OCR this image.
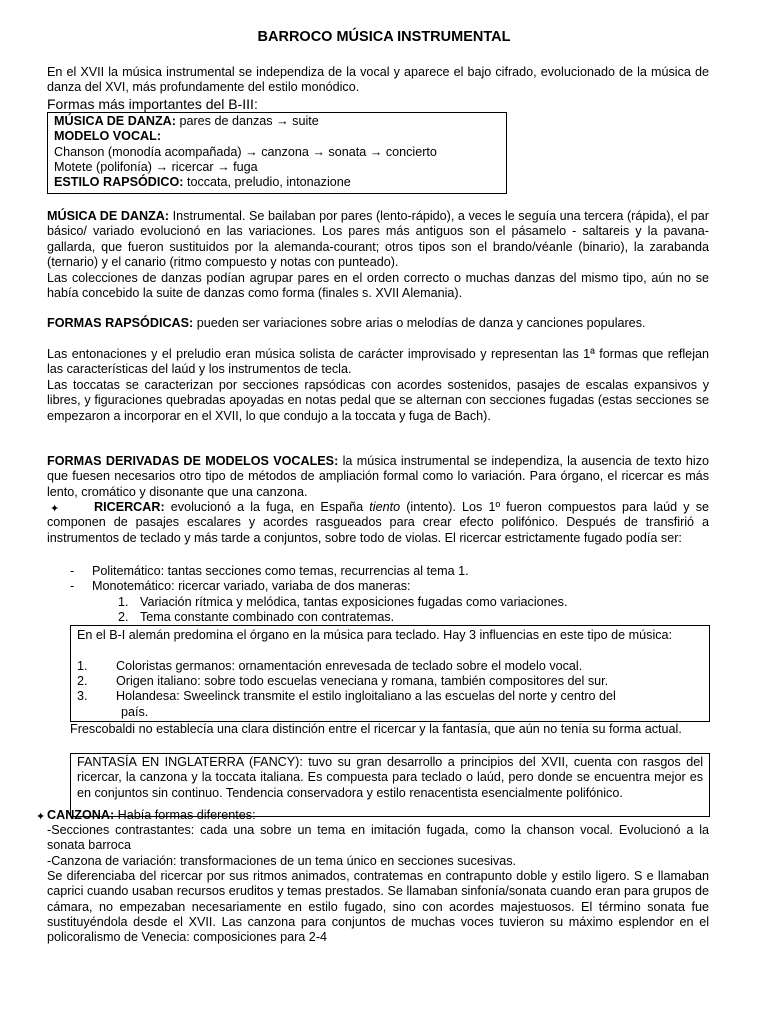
BARROCO MÚSICA INSTRUMENTAL

En el XVII la música instrumental se independiza de la vocal y aparece el bajo cifrado, evolucionado de la música de danza del XVI, más profundamente del estilo monódico.

Formas más importantes del B-III:
MÚSICA DE DANZA: pares de danzas → suite
MODELO VOCAL:
Chanson (monodía acompañada) → canzona → sonata → concierto
Motete (polifonía) → ricercar → fuga
ESTILO RAPSÓDICO: toccata, preludio, intonazione

MÚSICA DE DANZA: Instrumental. Se bailaban por pares (lento-rápido), a veces le seguía una tercera (rápida), el par básico/ variado evolucionó en las variaciones. Los pares más antiguos son el pásamelo - saltareis y la pavana-gallarda, que fueron sustituidos por la alemanda-courant; otros tipos son el brando/véanle (binario), la zarabanda (ternario) y el canario (ritmo compuesto y notas con punteado).

Las colecciones de danzas podían agrupar pares en el orden correcto o muchas danzas del mismo tipo, aún no se había concebido la suite de danzas como forma (finales s. XVII Alemania).

FORMAS RAPSÓDICAS: pueden ser variaciones sobre arias o melodías de danza y canciones populares.

Las entonaciones y el preludio eran música solista de carácter improvisado y representan las 1ª formas que reflejan las características del laúd y los instrumentos de tecla.

Las toccatas se caracterizan por secciones rapsódicas con acordes sostenidos, pasajes de escalas expansivos y libres, y figuraciones quebradas apoyadas en notas pedal que se alternan con secciones fugadas (estas secciones se empezaron a incorporar en el XVII, lo que condujo a la toccata y fuga de Bach).

FORMAS DERIVADAS DE MODELOS VOCALES: la música instrumental se independiza, la ausencia de texto hizo que fuesen necesarios otro tipo de métodos de ampliación formal como lo variación. Para órgano, el ricercar es más lento, cromático y disonante que una canzona.

✦	RICERCAR: evolucionó a la fuga, en España tiento (intento). Los 1º fueron compuestos para laúd y se componen de pasajes escalares y acordes rasgueados para crear efecto polifónico. Después de transfirió a instrumentos de teclado y más tarde a conjuntos, sobre todo de violas. El ricercar estrictamente fugado podía ser:

- Politemático: tantas secciones como temas, recurrencias al tema 1.
- Monotemático: ricercar variado, variaba de dos maneras:
1. Variación rítmica y melódica, tantas exposiciones fugadas como variaciones.
2. Tema constante combinado con contratemas.

En el B-I alemán predomina el órgano en la música para teclado. Hay 3 influencias en este tipo de música:

1. Coloristas germanos: ornamentación enrevesada de teclado sobre el modelo vocal.
2. Origen italiano: sobre todo escuelas veneciana y romana, también compositores del sur.
3. Holandesa: Sweelinck transmite el estilo ingloitaliano a las escuelas del norte y centro del
país.

Frescobaldi no establecía una clara distinción entre el ricercar y la fantasía, que aún no tenía su forma actual.

FANTASÍA EN INGLATERRA (FANCY): tuvo su gran desarrollo a principios del XVII, cuenta con rasgos del ricercar, la canzona y la toccata italiana. Es compuesta para teclado o laúd, pero donde se encuentra mejor es en conjuntos sin continuo. Tendencia conservadora y estilo renacentista esencialmente polifónico.

✦ CANZONA: Había formas diferentes:

-Secciones contrastantes: cada una sobre un tema en imitación fugada, como la chanson vocal. Evolucionó a la sonata barroca

-Canzona de variación: transformaciones de un tema único en secciones sucesivas.

Se diferenciaba del ricercar por sus ritmos animados, contratemas en contrapunto doble y estilo ligero. S e llamaban caprici cuando usaban recursos eruditos y temas prestados. Se llamaban sinfonía/sonata cuando eran para grupos de cámara, no empezaban necesariamente en estilo fugado, sino con acordes majestuosos. El término sonata fue sustituyéndola desde el XVII. Las canzona para conjuntos de muchas voces tuvieron su máximo esplendor en el policoralismo de Venecia: composiciones para 2-4
